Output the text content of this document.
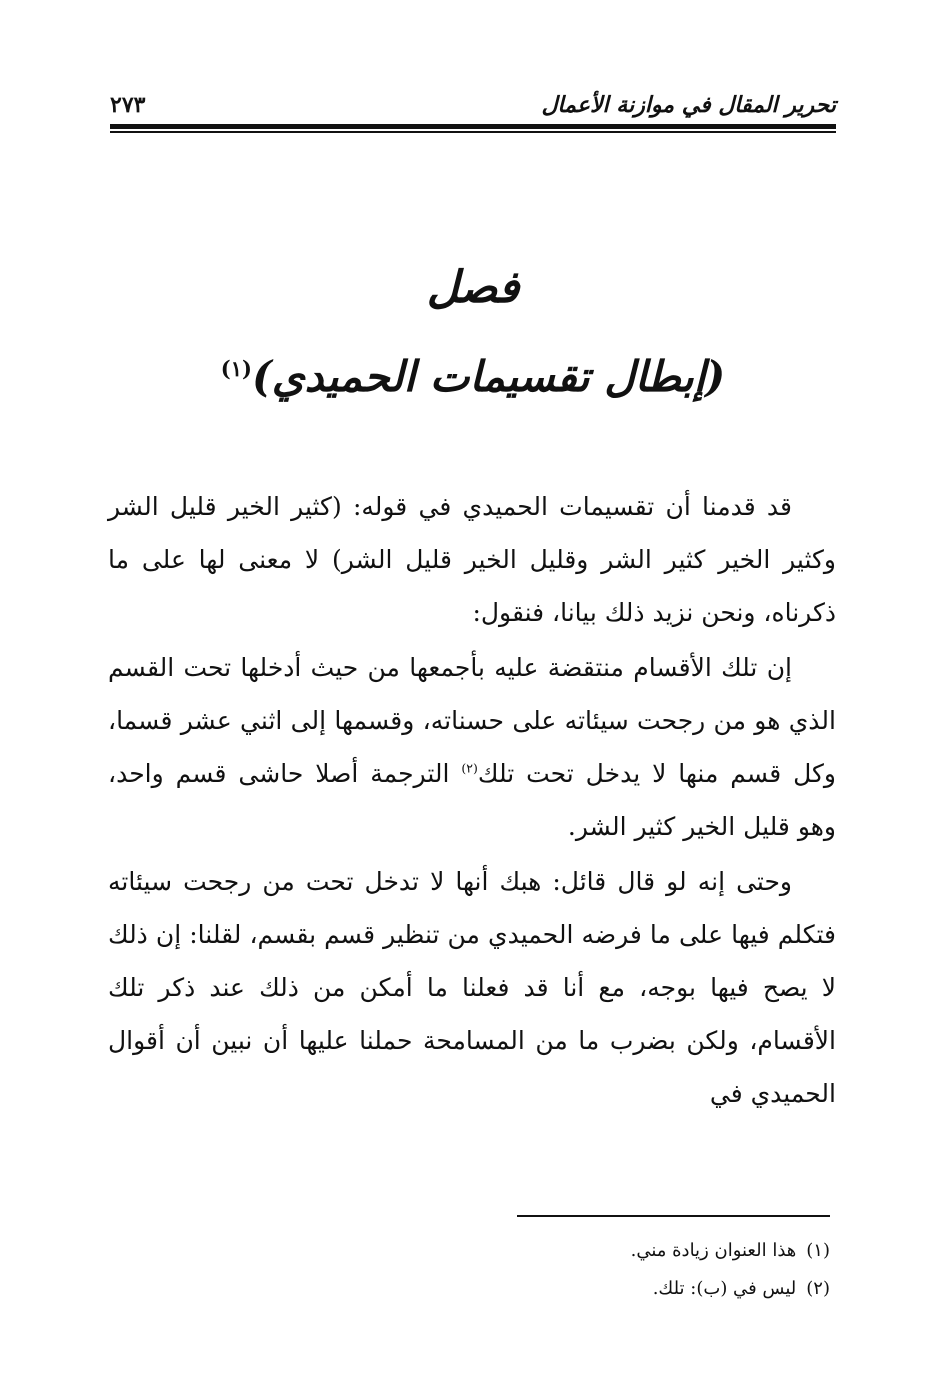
تحرير المقال في موازنة الأعمال
٢٧٣
فصل
(إبطال تقسيمات الحميدي)$^{(١)}$

قد قدمنا أن تقسيمات الحميدي في قوله: (كثير الخير قليل الشر وكثير الخير كثير الشر وقليل الخير قليل الشر) لا معنى لها على ما ذكرناه، ونحن نزيد ذلك بيانا، فنقول:

إن تلك الأقسام منتقضة عليه بأجمعها من حيث أدخلها تحت القسم الذي هو من رجحت سيئاته على حسناته، وقسمها إلى اثني عشر قسما، وكل قسم منها لا يدخل تحت تلك$^{(٢)}$ الترجمة أصلا حاشى قسم واحد، وهو قليل الخير كثير الشر.

وحتى إنه لو قال قائل: هبك أنها لا تدخل تحت من رجحت سيئاته فتكلم فيها على ما فرضه الحميدي من تنظير قسم بقسم، لقلنا: إن ذلك لا يصح فيها بوجه، مع أنا قد فعلنا ما أمكن من ذلك عند ذكر تلك الأقسام، ولكن بضرب ما من المسامحة حملنا عليها أن نبين أن أقوال الحميدي في

(١)هذا العنوان زيادة مني.
(٢)ليس في (ب): تلك.
